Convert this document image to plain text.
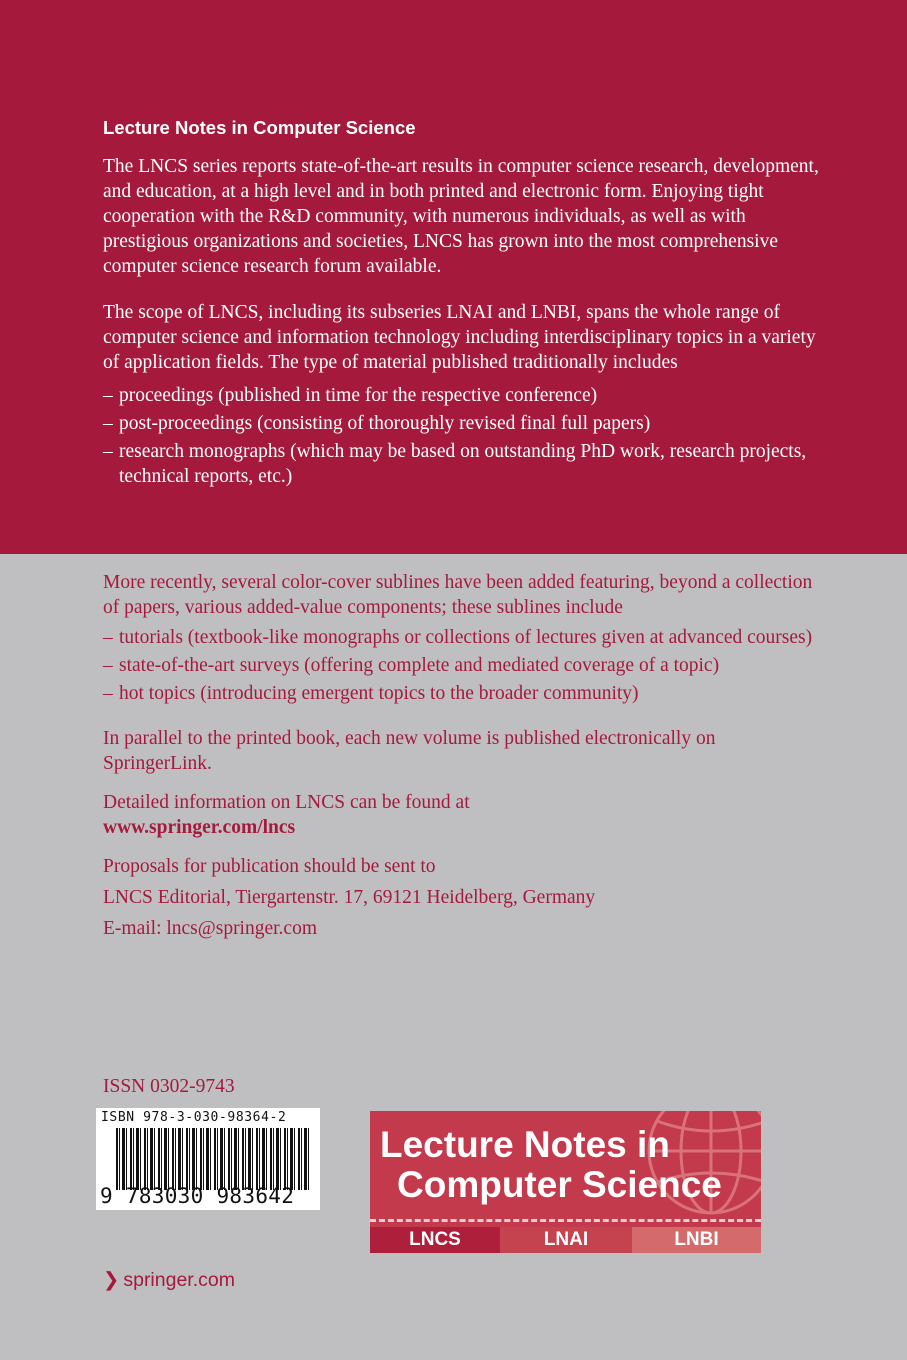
Lecture Notes in Computer Science

The LNCS series reports state-of-the-art results in computer science research, development, and education, at a high level and in both printed and electronic form. Enjoying tight cooperation with the R&D community, with numerous individuals, as well as with prestigious organizations and societies, LNCS has grown into the most comprehensive computer science research forum available.

The scope of LNCS, including its subseries LNAI and LNBI, spans the whole range of computer science and information technology including interdisciplinary topics in a variety of application fields. The type of material published traditionally includes

– proceedings (published in time for the respective conference)
– post-proceedings (consisting of thoroughly revised final full papers)
– research monographs (which may be based on outstanding PhD work, research projects, technical reports, etc.)

More recently, several color-cover sublines have been added featuring, beyond a collection of papers, various added-value components; these sublines include

– tutorials (textbook-like monographs or collections of lectures given at advanced courses)
– state-of-the-art surveys (offering complete and mediated coverage of a topic)
– hot topics (introducing emergent topics to the broader community)

In parallel to the printed book, each new volume is published electronically on SpringerLink.

Detailed information on LNCS can be found at

www.springer.com/lncs

Proposals for publication should be sent to

LNCS Editorial, Tiergartenstr. 17, 69121 Heidelberg, Germany

E-mail: lncs@springer.com

ISSN 0302-9743
ISBN 978-3-030-98364-2
9 783030 983642
Lecture Notes in
Computer Science
LNCS	LNAI	LNBI
❯ springer.com
